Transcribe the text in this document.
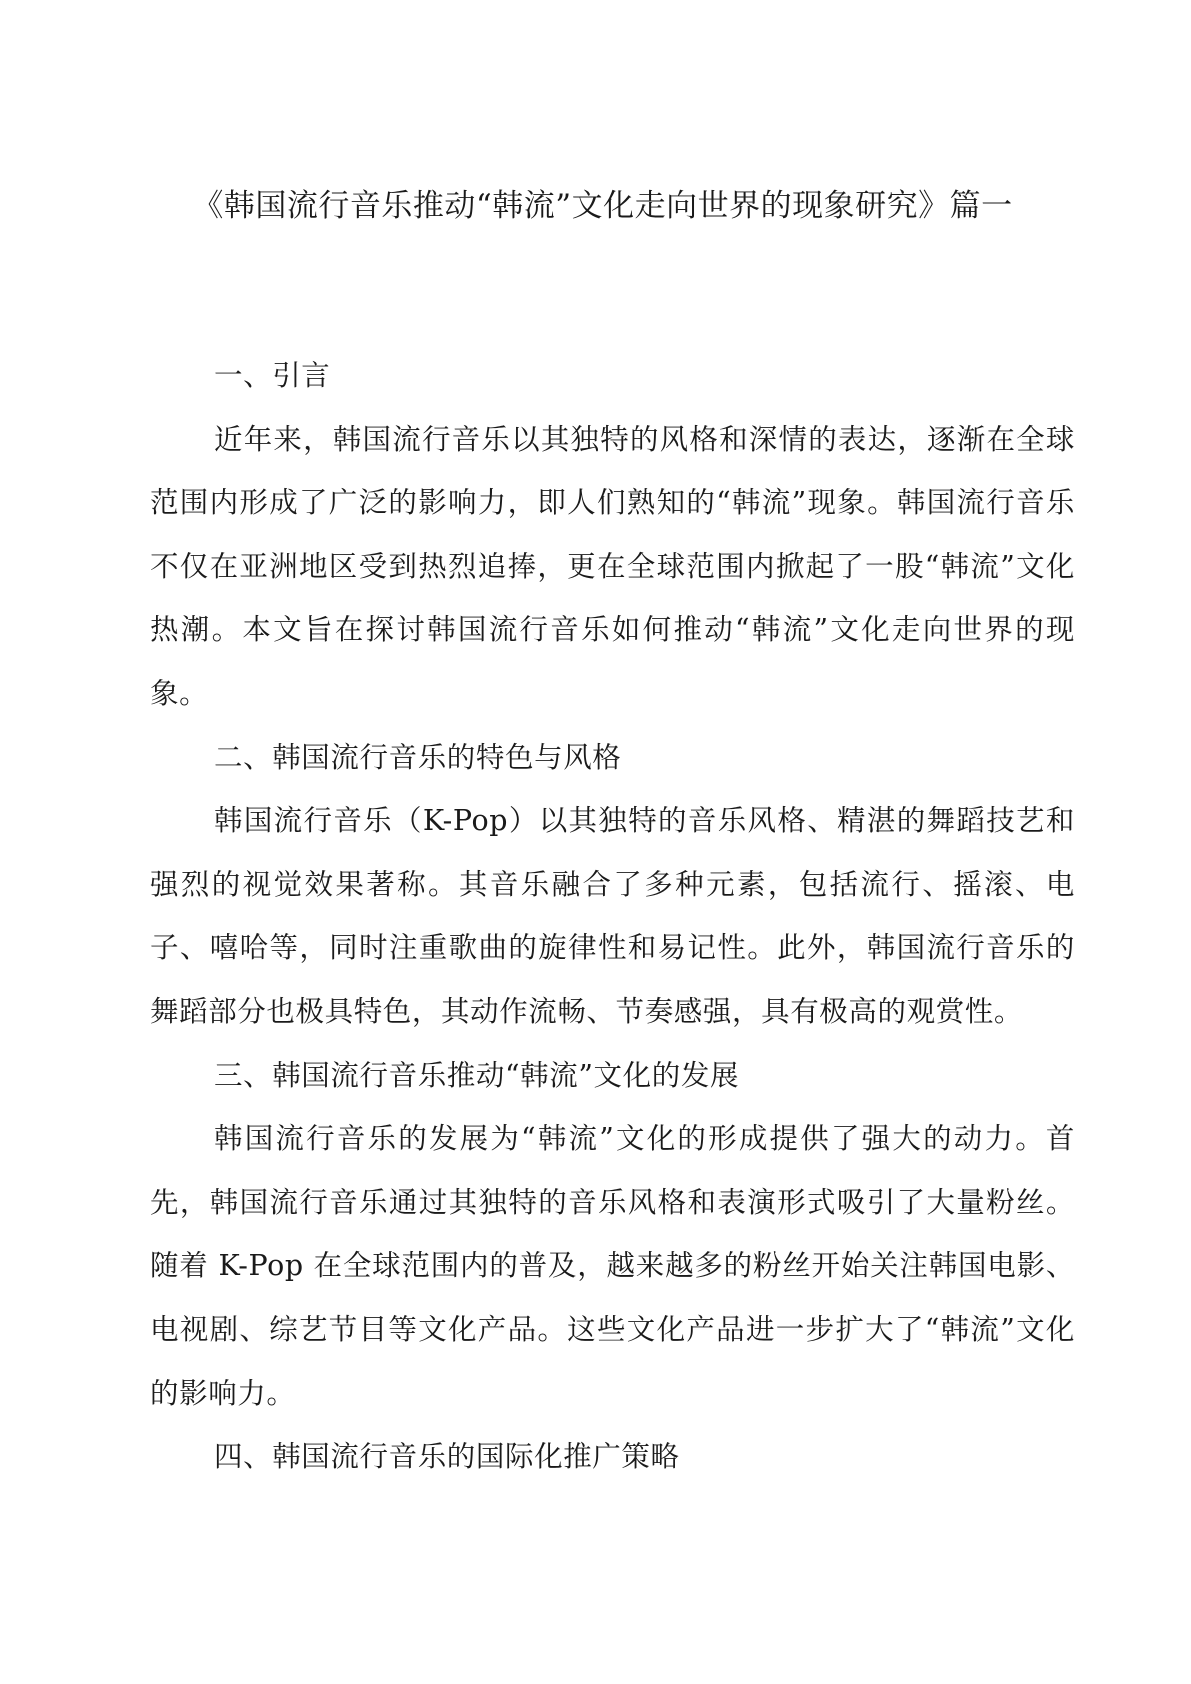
《韩国流行音乐推动“韩流”文化走向世界的现象研究》篇一
一、引言

近年来，韩国流行音乐以其独特的风格和深情的表达，逐渐在全球范围内形成了广泛的影响力，即人们熟知的“韩流”现象。韩国流行音乐不仅在亚洲地区受到热烈追捧，更在全球范围内掀起了一股“韩流”文化热潮。本文旨在探讨韩国流行音乐如何推动“韩流”文化走向世界的现象。

二、韩国流行音乐的特色与风格

韩国流行音乐（K-Pop）以其独特的音乐风格、精湛的舞蹈技艺和强烈的视觉效果著称。其音乐融合了多种元素，包括流行、摇滚、电子、嘻哈等，同时注重歌曲的旋律性和易记性。此外，韩国流行音乐的舞蹈部分也极具特色，其动作流畅、节奏感强，具有极高的观赏性。

三、韩国流行音乐推动“韩流”文化的发展

韩国流行音乐的发展为“韩流”文化的形成提供了强大的动力。首先，韩国流行音乐通过其独特的音乐风格和表演形式吸引了大量粉丝。随着 K-Pop 在全球范围内的普及，越来越多的粉丝开始关注韩国电影、电视剧、综艺节目等文化产品。这些文化产品进一步扩大了“韩流”文化的影响力。

四、韩国流行音乐的国际化推广策略
